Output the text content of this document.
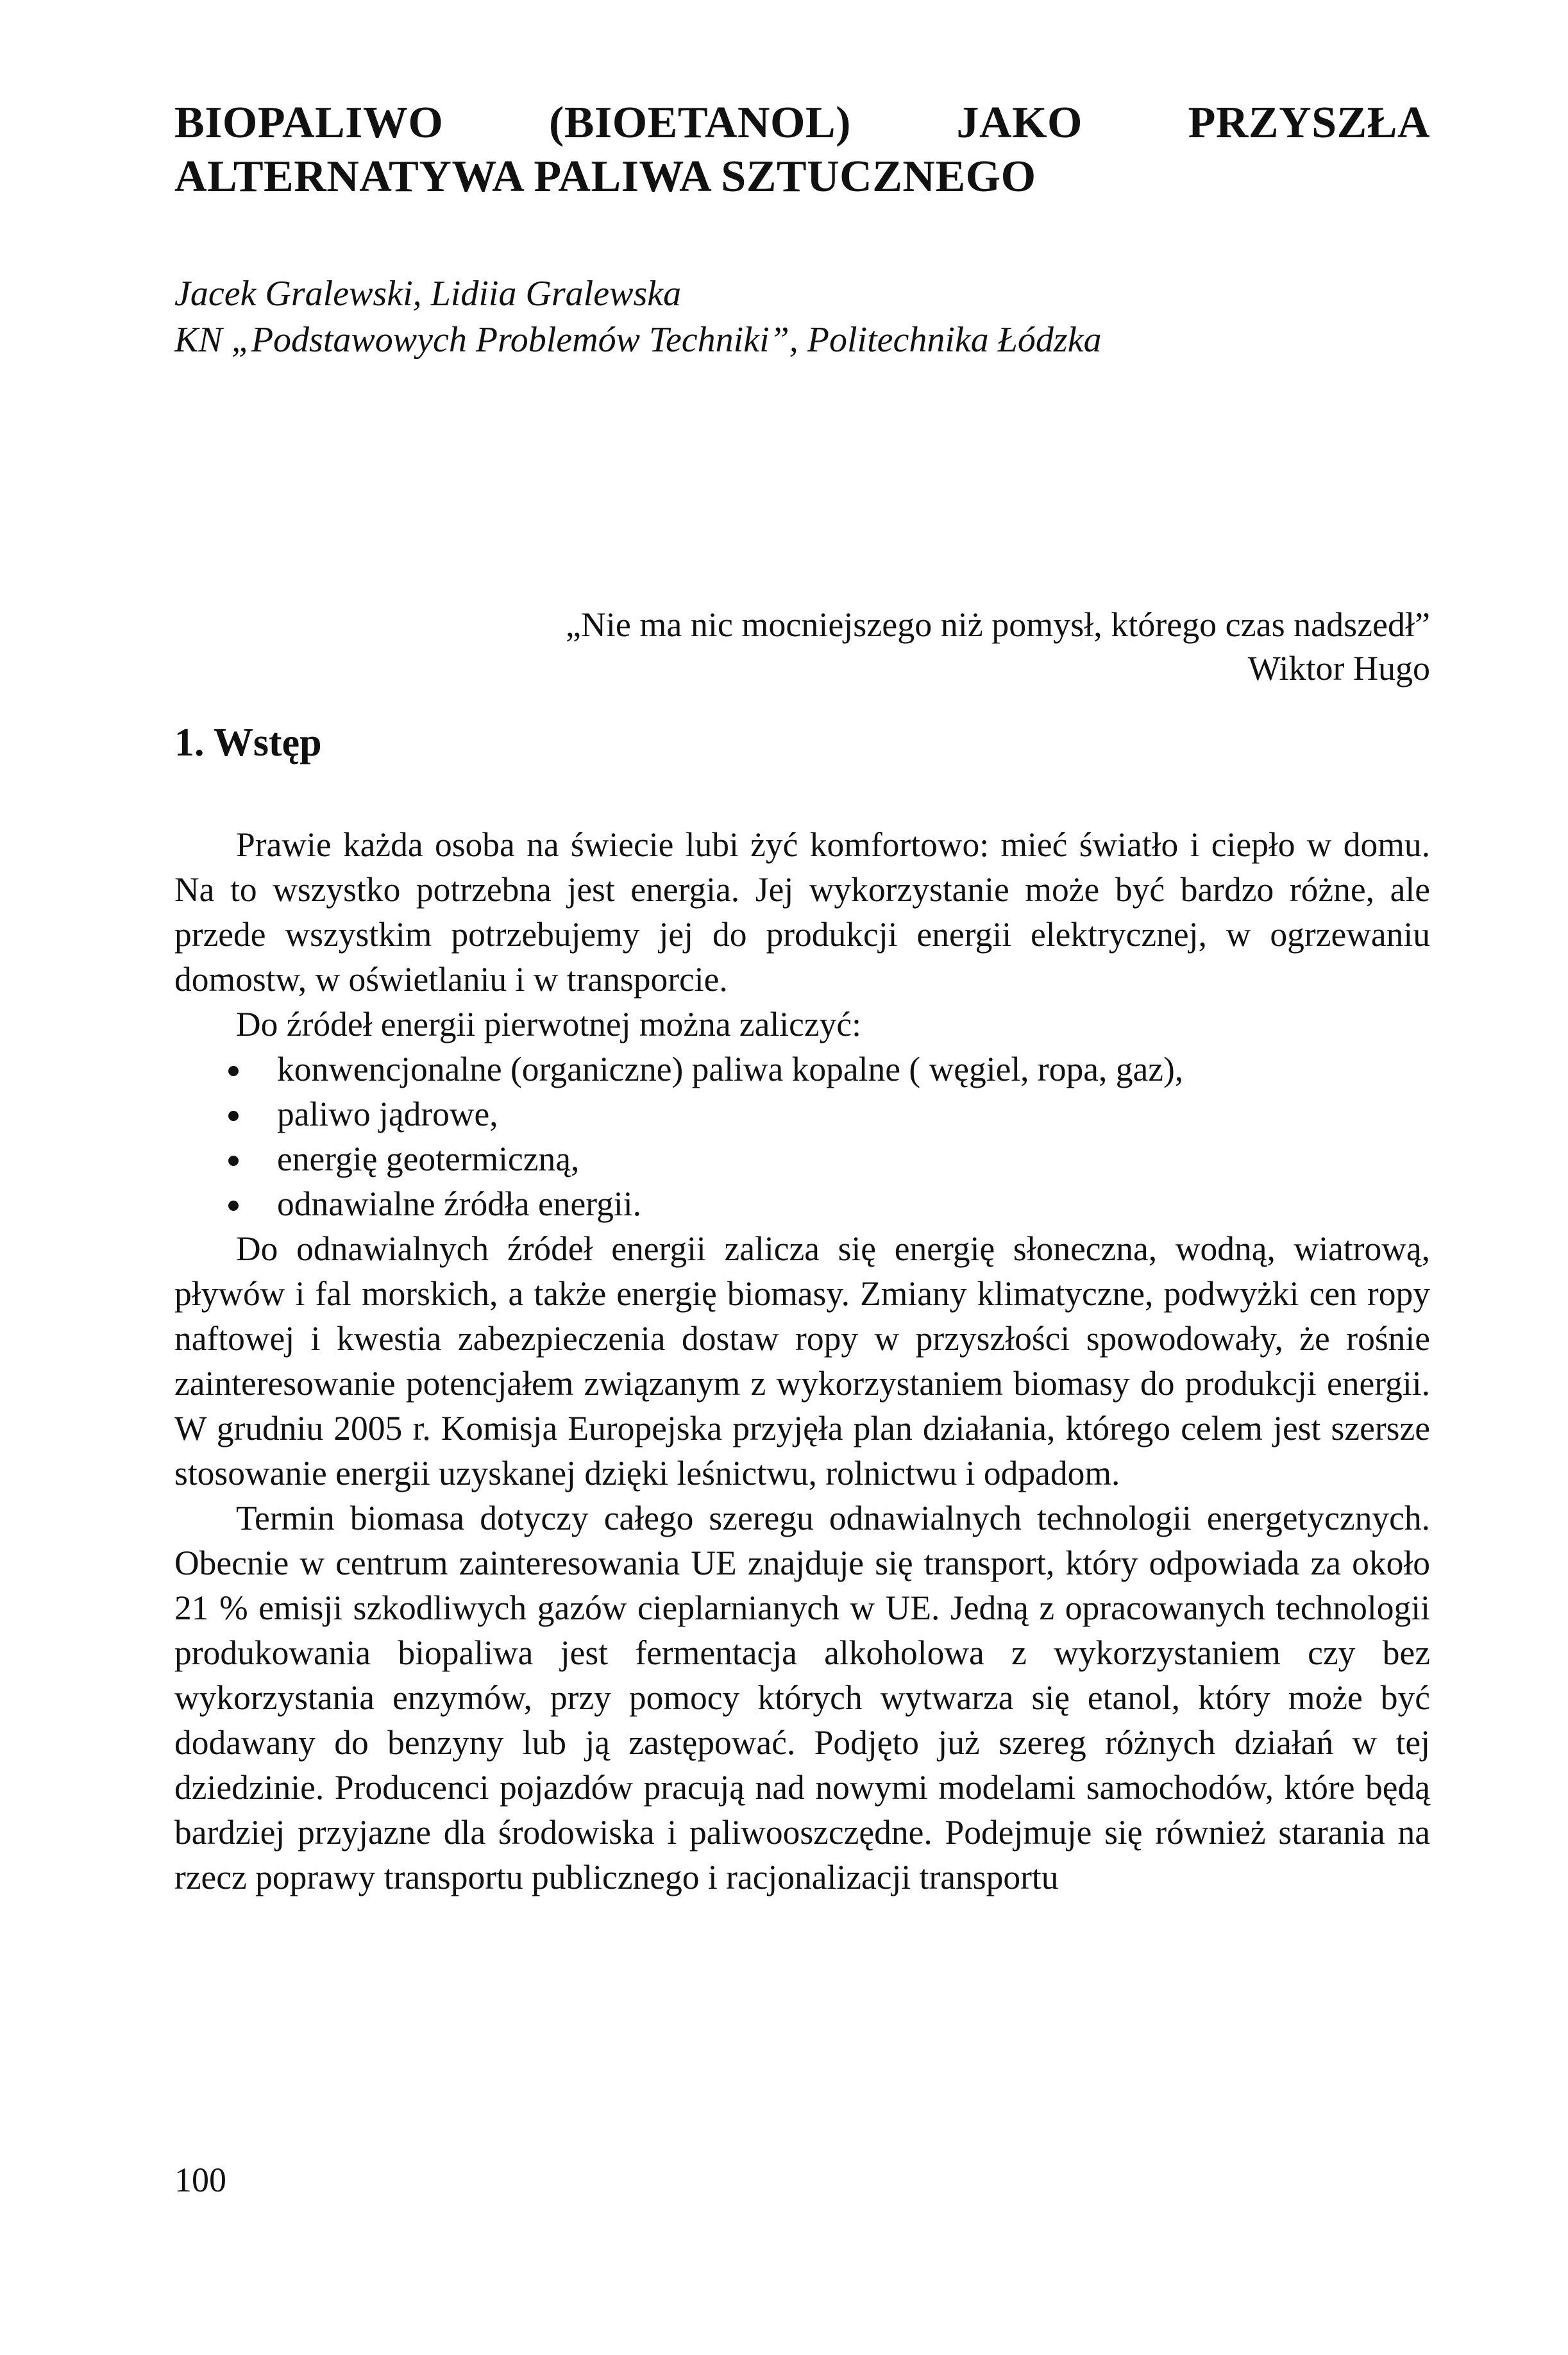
BIOPALIWO (BIOETANOL) JAKO PRZYSZŁA
ALTERNATYWA PALIWA SZTUCZNEGO
Jacek Gralewski, Lidiia Gralewska
KN „Podstawowych Problemów Techniki”, Politechnika Łódzka
„Nie ma nic mocniejszego niż pomysł, którego czas nadszedł”
Wiktor Hugo
1. Wstęp

Prawie każda osoba na świecie lubi żyć komfortowo: mieć światło i ciepło w domu. Na to wszystko potrzebna jest energia. Jej wykorzystanie może być bardzo różne, ale przede wszystkim potrzebujemy jej do produkcji energii elektrycznej, w ogrzewaniu domostw, w oświetlaniu i w transporcie.

Do źródeł energii pierwotnej można zaliczyć:

konwencjonalne (organiczne) paliwa kopalne ( węgiel, ropa, gaz),
paliwo jądrowe,
energię geotermiczną,
odnawialne źródła energii.

Do odnawialnych źródeł energii zalicza się energię słoneczna, wodną, wiatrową, pływów i fal morskich, a także energię biomasy. Zmiany klimatyczne, podwyżki cen ropy naftowej i kwestia zabezpieczenia dostaw ropy w przyszłości spowodowały, że rośnie zainteresowanie potencjałem związanym z wykorzystaniem biomasy do produkcji energii. W grudniu 2005 r. Komisja Europejska przyjęła plan działania, którego celem jest szersze stosowanie energii uzyskanej dzięki leśnictwu, rolnictwu i odpadom.

Termin biomasa dotyczy całego szeregu odnawialnych technologii energetycznych. Obecnie w centrum zainteresowania UE znajduje się transport, który odpowiada za około 21 % emisji szkodliwych gazów cieplarnianych w UE. Jedną z opracowanych technologii produkowania biopaliwa jest fermentacja alkoholowa z wykorzystaniem czy bez wykorzystania enzymów, przy pomocy których wytwarza się etanol, który może być dodawany do benzyny lub ją zastępować. Podjęto już szereg różnych działań w tej dziedzinie. Producenci pojazdów pracują nad nowymi modelami samochodów, które będą bardziej przyjazne dla środowiska i paliwooszczędne. Podejmuje się również starania na rzecz poprawy transportu publicznego i racjonalizacji transportu

100
